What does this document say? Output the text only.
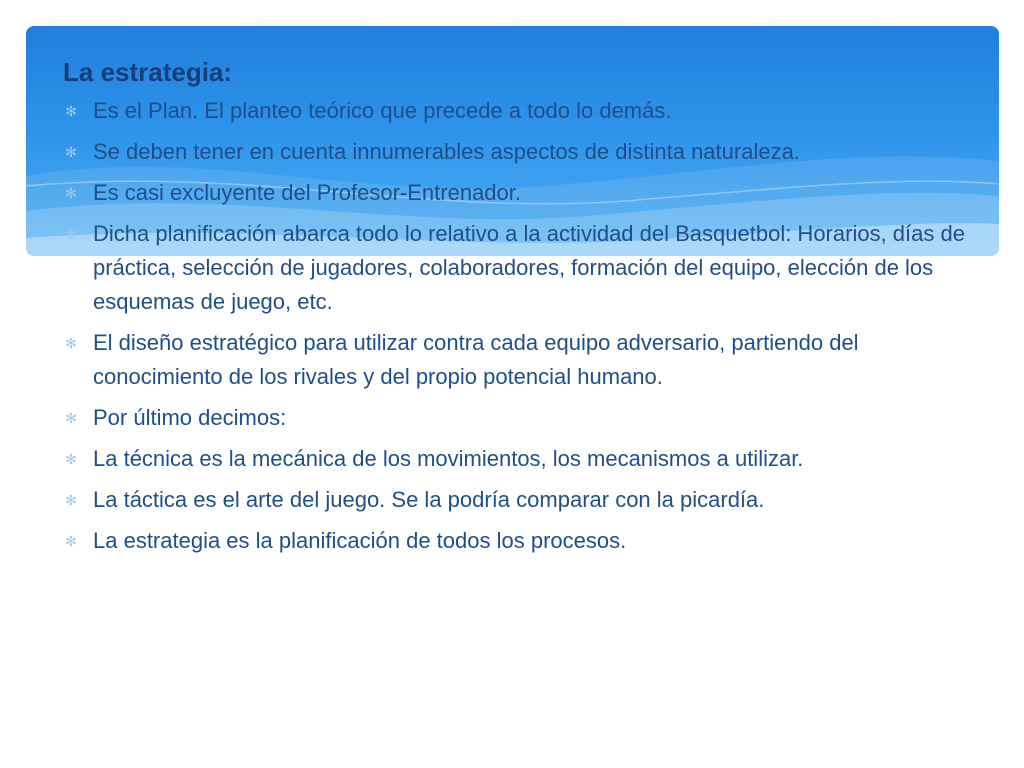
La estrategia:
✻ Es el Plan. El planteo teórico que precede a todo lo demás.
✻ Se deben tener en cuenta innumerables aspectos de distinta naturaleza.
✻ Es casi excluyente del Profesor-Entrenador.
✻ Dicha planificación abarca todo lo relativo a la actividad del Basquetbol: Horarios, días de práctica, selección de jugadores, colaboradores, formación del equipo, elección de los esquemas de juego, etc.
✻ El diseño estratégico para utilizar contra cada equipo adversario, partiendo del conocimiento de los rivales y del propio potencial humano.
✻ Por último decimos:
✻ La técnica es la mecánica de los movimientos, los mecanismos a utilizar.
✻ La táctica es el arte del juego. Se la podría comparar con la picardía.
✻ La estrategia es la planificación de todos los procesos.
